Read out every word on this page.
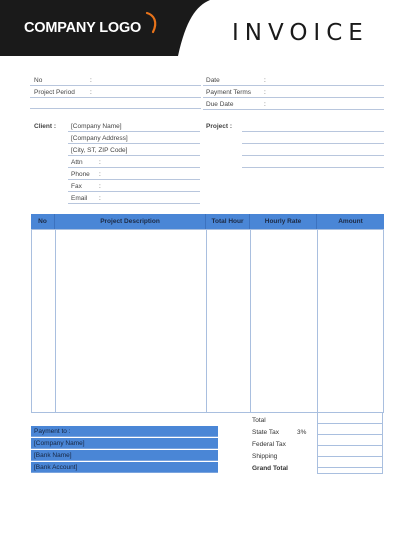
COMPANY LOGO	INVOICE
No	:
Project Period :
Date	:
Payment Terms :
Due Date	:
Client : [Company Name]
[Company Address]
[City, ST, ZIP Code]
Attn	:
Phone :
Fax	:
Email :
Project :
No	Project Description	Total Hour	Hourly Rate	Amount
Payment to :
[Company Name]
[Bank Name]
[Bank Account]
Total
State Tax	3%
Federal Tax
Shipping
Grand Total
